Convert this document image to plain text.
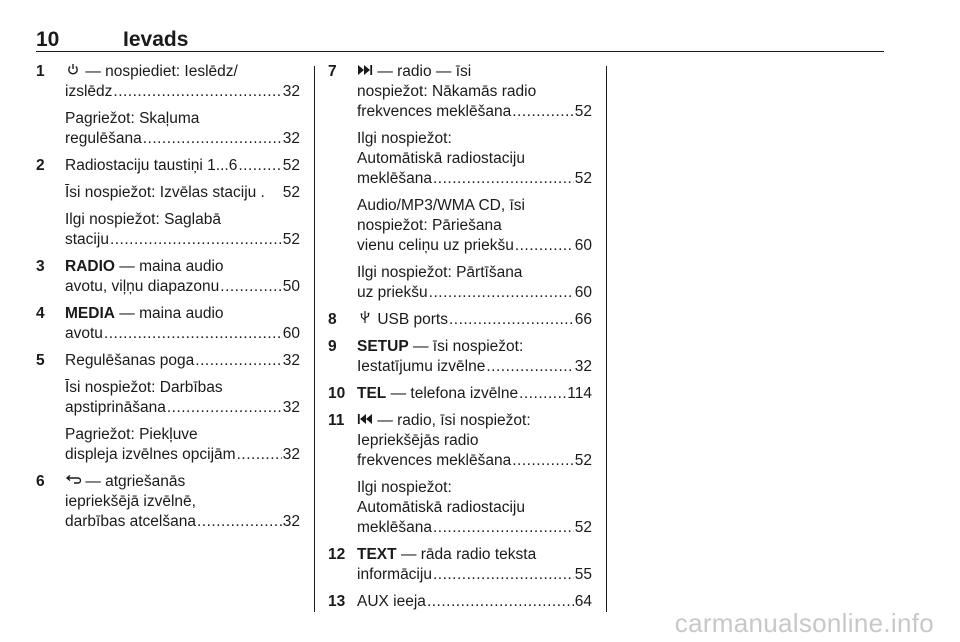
10	Ievads
1	— nospiediet: Ieslēdz/
izslēdz .....	32
Pagriežot: Skaļuma
regulēšana .....	32
2 Radiostaciju taustiņi 1...6 .....	52
Īsi nospiežot: Izvēlas staciju . 52
Ilgi nospiežot: Saglabā
staciju .....	52
3 RADIO — maina audio
avotu, viļņu diapazonu .....	50
4 MEDIA — maina audio
avotu .....	60
5 Regulēšanas poga .....	32
Īsi nospiežot: Darbības
apstiprināšana .....	32
Pagriežot: Piekļuve
displeja izvēlnes opcijām .....	32
6	— atgriešanās
iepriekšējā izvēlnē,
darbības atcelšana .....	32
7	— radio — īsi
nospiežot: Nākamās radio
frekvences meklēšana .....	52
Ilgi nospiežot:
Automātiskā radiostaciju
meklēšana .....	52
Audio/MP3/WMA CD, īsi
nospiežot: Pāriešana
vienu celiņu uz priekšu .....	60
Ilgi nospiežot: Pārtīšana
uz priekšu .....	60
8	USB ports .....	66
9 SETUP — īsi nospiežot:
Iestatījumu izvēlne .....	32
10 TEL — telefona izvēlne .....	114
11	— radio, īsi nospiežot:
Iepriekšējās radio
frekvences meklēšana .....	52
Ilgi nospiežot:
Automātiskā radiostaciju
meklēšana .....	52
12 TEXT — rāda radio teksta
informāciju .....	55
13 AUX ieeja .....	64
carmanualsonline.info
